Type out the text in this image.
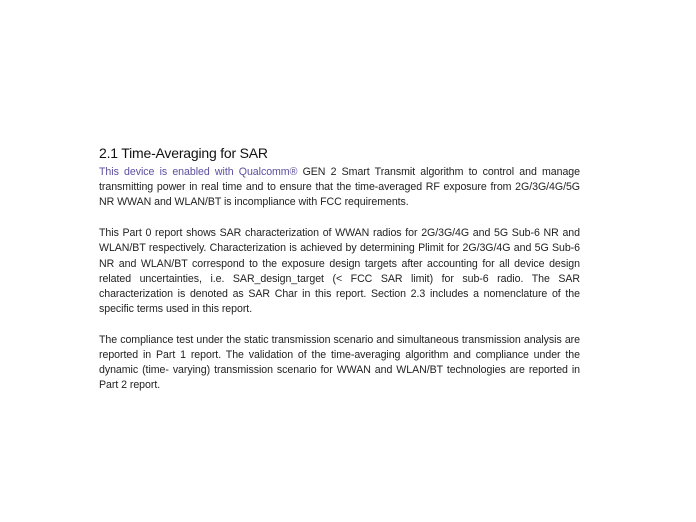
2.1 Time-Averaging for SAR

This device is enabled with Qualcomm® GEN 2 Smart Transmit algorithm to control and manage transmitting power in real time and to ensure that the time-averaged RF exposure from 2G/3G/4G/5G NR WWAN and WLAN/BT is incompliance with FCC requirements.

This Part 0 report shows SAR characterization of WWAN radios for 2G/3G/4G and 5G Sub-6 NR and WLAN/BT respectively. Characterization is achieved by determining Plimit for 2G/3G/4G and 5G Sub-6 NR and WLAN/BT correspond to the exposure design targets after accounting for all device design related uncertainties, i.e. SAR_design_target (< FCC SAR limit) for sub-6 radio. The SAR characterization is denoted as SAR Char in this report. Section 2.3 includes a nomenclature of the specific terms used in this report.

The compliance test under the static transmission scenario and simultaneous transmission analysis are reported in Part 1 report. The validation of the time-averaging algorithm and compliance under the dynamic (time- varying) transmission scenario for WWAN and WLAN/BT technologies are reported in Part 2 report.
